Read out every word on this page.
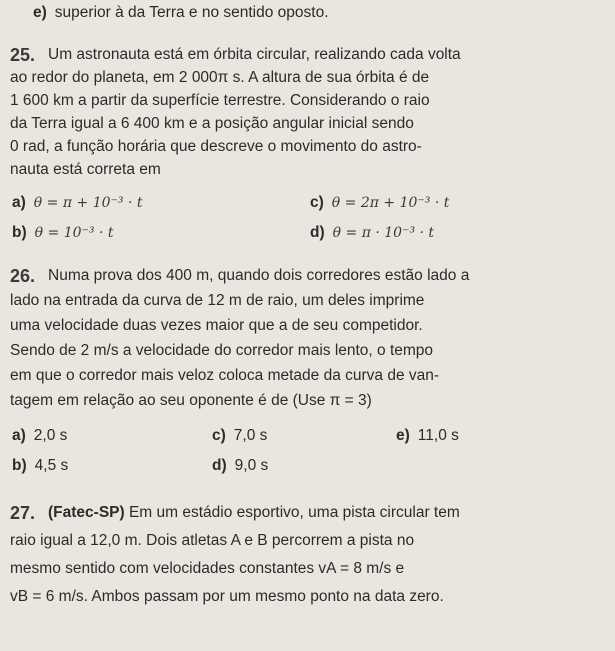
e) superior à da Terra e no sentido oposto.
25. Um astronauta está em órbita circular, realizando cada volta
ao redor do planeta, em 2 000π s. A altura de sua órbita é de
1 600 km a partir da superfície terrestre. Considerando o raio
da Terra igual a 6 400 km e a posição angular inicial sendo
0 rad, a função horária que descreve o movimento do astro-
nauta está correta em
a) θ = π + 10⁻³ · t
b) θ = 10⁻³ · t
c) θ = 2π + 10⁻³ · t
d) θ = π · 10⁻³ · t
26. Numa prova dos 400 m, quando dois corredores estão lado a
lado na entrada da curva de 12 m de raio, um deles imprime
uma velocidade duas vezes maior que a de seu competidor.
Sendo de 2 m/s a velocidade do corredor mais lento, o tempo
em que o corredor mais veloz coloca metade da curva de van-
tagem em relação ao seu oponente é de (Use π = 3)
a) 2,0 s
b) 4,5 s
c) 7,0 s
d) 9,0 s
e) 11,0 s
27. (Fatec-SP) Em um estádio esportivo, uma pista circular tem
raio igual a 12,0 m. Dois atletas A e B percorrem a pista no
mesmo sentido com velocidades constantes vA = 8 m/s e
vB = 6 m/s. Ambos passam por um mesmo ponto na data zero.
